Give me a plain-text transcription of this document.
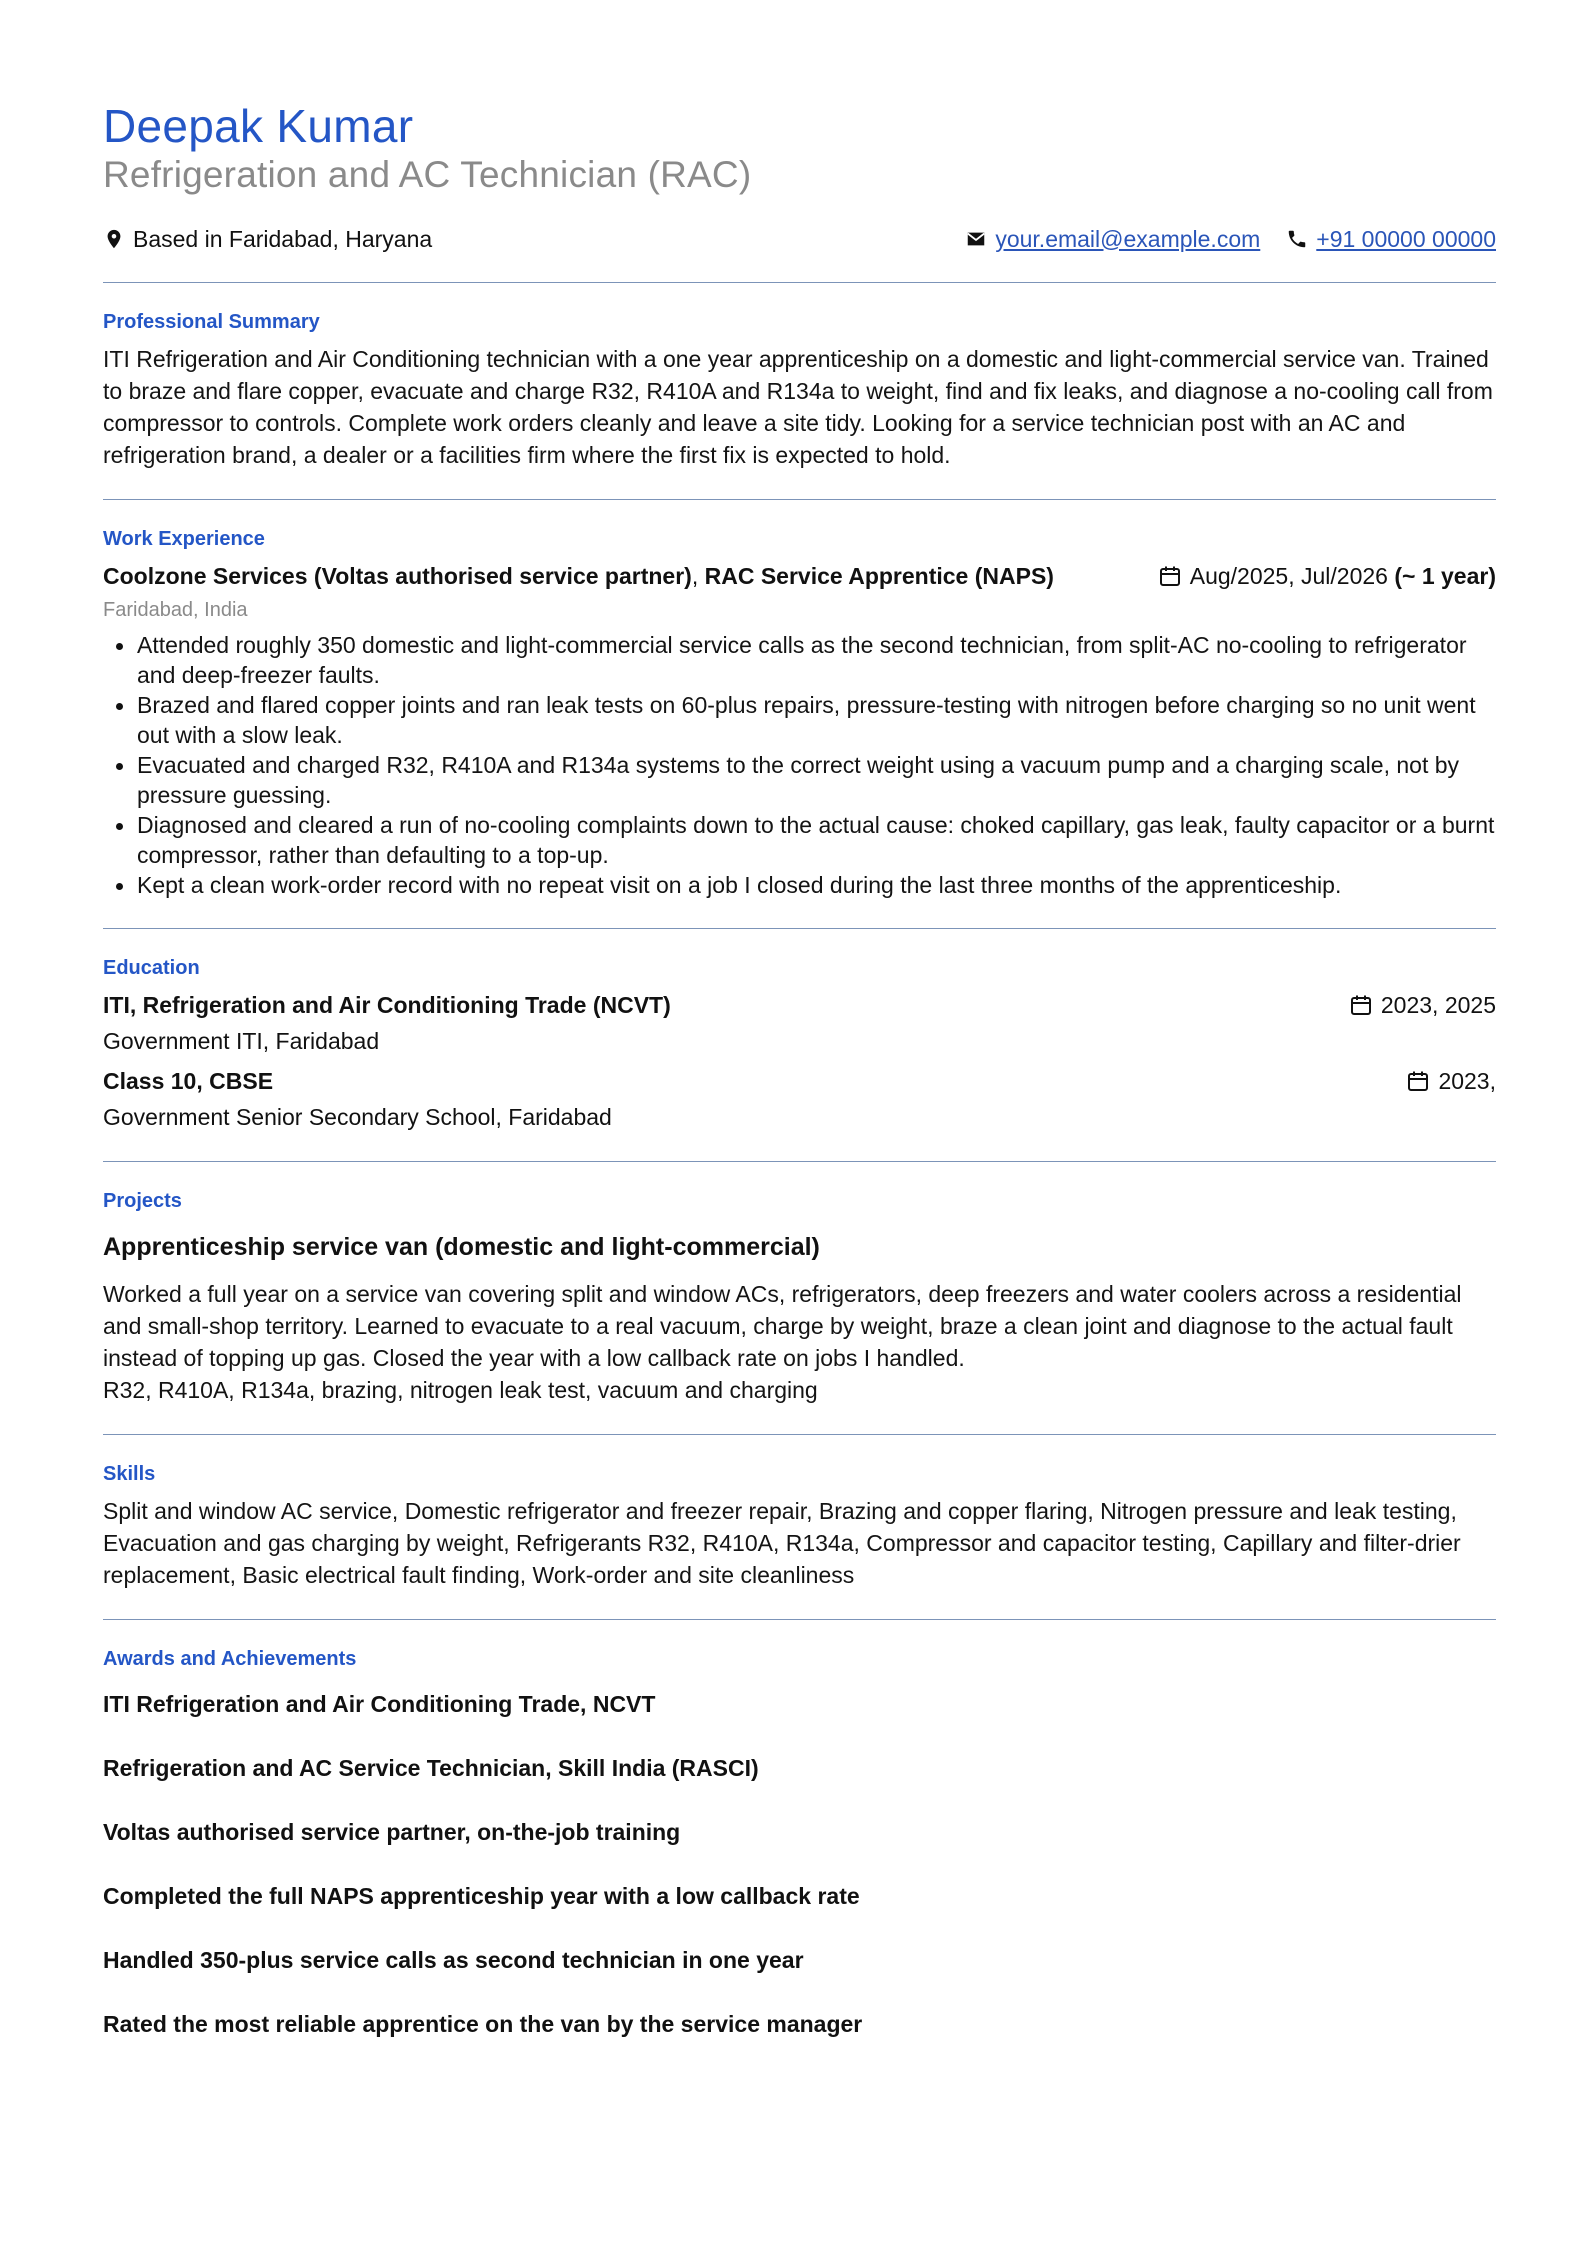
Deepak Kumar
Refrigeration and AC Technician (RAC)
Based in Faridabad, Haryana	your.email@example.com +91 00000 00000
Professional Summary
ITI Refrigeration and Air Conditioning technician with a one year apprenticeship on a domestic and light-commercial service van. Trained to braze and flare copper, evacuate and charge R32, R410A and R134a to weight, find and fix leaks, and diagnose a no-cooling call from compressor to controls. Complete work orders cleanly and leave a site tidy. Looking for a service technician post with an AC and refrigeration brand, a dealer or a facilities firm where the first fix is expected to hold.
Work Experience
Coolzone Services (Voltas authorised service partner), RAC Service Apprentice (NAPS)	Aug/2025, Jul/2026
(~ 1 year)
Faridabad, India
Attended roughly 350 domestic and light-commercial service calls as the second technician, from split-AC no-cooling to refrigerator and deep-freezer faults.
Brazed and flared copper joints and ran leak tests on 60-plus repairs, pressure-testing with nitrogen before charging so no unit went out with a slow leak.
Evacuated and charged R32, R410A and R134a systems to the correct weight using a vacuum pump and a charging scale, not by pressure guessing.
Diagnosed and cleared a run of no-cooling complaints down to the actual cause: choked capillary, gas leak, faulty capacitor or a burnt compressor, rather than defaulting to a top-up.
Kept a clean work-order record with no repeat visit on a job I closed during the last three months of the apprenticeship.
Education
ITI, Refrigeration and Air Conditioning Trade (NCVT)	2023, 2025
Government ITI, Faridabad
Class 10, CBSE	2023,
Government Senior Secondary School, Faridabad
Projects
Apprenticeship service van (domestic and light-commercial)
Worked a full year on a service van covering split and window ACs, refrigerators, deep freezers and water coolers across a residential and small-shop territory. Learned to evacuate to a real vacuum, charge by weight, braze a clean joint and diagnose to the actual fault instead of topping up gas. Closed the year with a low callback rate on jobs I handled.
R32, R410A, R134a, brazing, nitrogen leak test, vacuum and charging
Skills
Split and window AC service, Domestic refrigerator and freezer repair, Brazing and copper flaring, Nitrogen pressure and leak testing, Evacuation and gas charging by weight, Refrigerants R32, R410A, R134a, Compressor and capacitor testing, Capillary and filter-drier replacement, Basic electrical fault finding, Work-order and site cleanliness
Awards and Achievements
ITI Refrigeration and Air Conditioning Trade, NCVT
Refrigeration and AC Service Technician, Skill India (RASCI)
Voltas authorised service partner, on-the-job training
Completed the full NAPS apprenticeship year with a low callback rate
Handled 350-plus service calls as second technician in one year
Rated the most reliable apprentice on the van by the service manager
